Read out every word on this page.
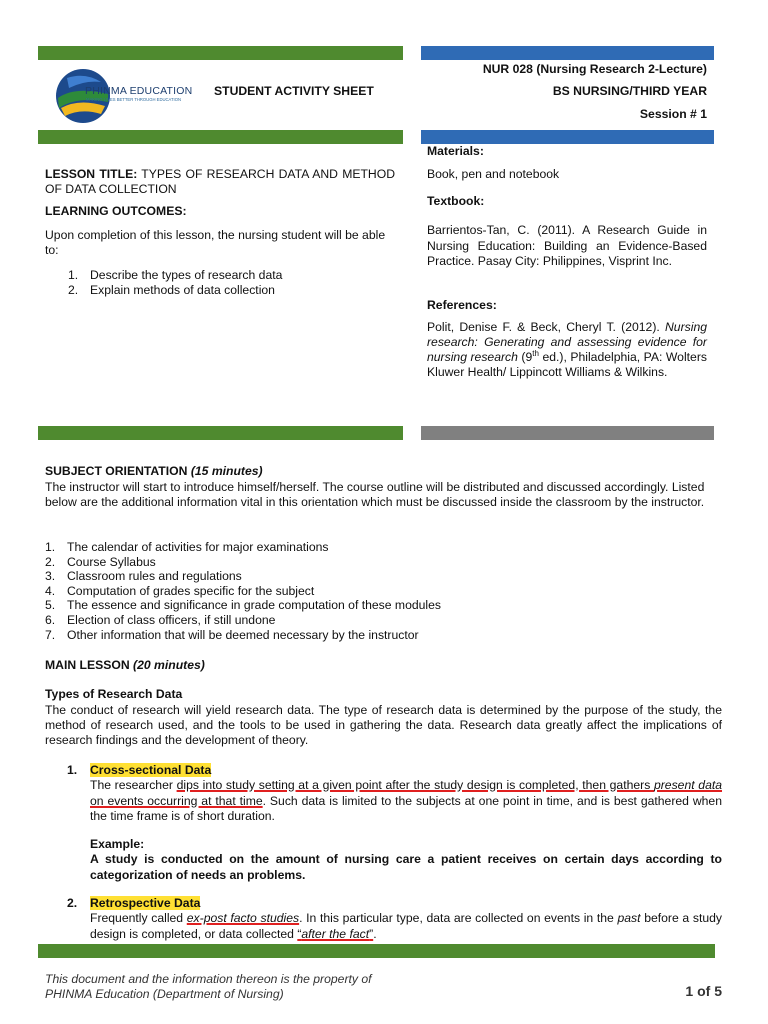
PHINMA EDUCATION
MAKING LIVES BETTER THROUGH EDUCATION
STUDENT ACTIVITY SHEET
NUR 028 (Nursing Research 2-Lecture)
BS NURSING/THIRD YEAR
Session # 1
LESSON TITLE: TYPES OF RESEARCH DATA AND METHOD OF DATA COLLECTION
LEARNING OUTCOMES:
Upon completion of this lesson, the nursing student will be able to:
1. Describe the types of research data
2. Explain methods of data collection
Materials:
Book, pen and notebook
Textbook:
Barrientos-Tan, C. (2011). A Research Guide in Nursing Education: Building an Evidence-Based Practice. Pasay City: Philippines, Visprint Inc.
References:
Polit, Denise F. & Beck, Cheryl T. (2012). Nursing research: Generating and assessing evidence for nursing research (9th ed.), Philadelphia, PA: Wolters Kluwer Health/ Lippincott Williams & Wilkins.
SUBJECT ORIENTATION (15 minutes)
The instructor will start to introduce himself/herself. The course outline will be distributed and discussed accordingly. Listed below are the additional information vital in this orientation which must be discussed inside the classroom by the instructor.
1. The calendar of activities for major examinations
2. Course Syllabus
3. Classroom rules and regulations
4. Computation of grades specific for the subject
5. The essence and significance in grade computation of these modules
6. Election of class officers, if still undone
7. Other information that will be deemed necessary by the instructor
MAIN LESSON (20 minutes)
Types of Research Data
The conduct of research will yield research data. The type of research data is determined by the purpose of the study, the method of research used, and the tools to be used in gathering the data. Research data greatly affect the implications of research findings and the development of theory.
1. Cross-sectional Data
The researcher dips into study setting at a given point after the study design is completed, then gathers present data on events occurring at that time. Such data is limited to the subjects at one point in time, and is best gathered when the time frame is of short duration.
Example:
A study is conducted on the amount of nursing care a patient receives on certain days according to categorization of needs an problems.
2. Retrospective Data
Frequently called ex-post facto studies. In this particular type, data are collected on events in the past before a study design is completed, or data collected “after the fact”.
This document and the information thereon is the property of PHINMA Education (Department of Nursing)	1 of 5
